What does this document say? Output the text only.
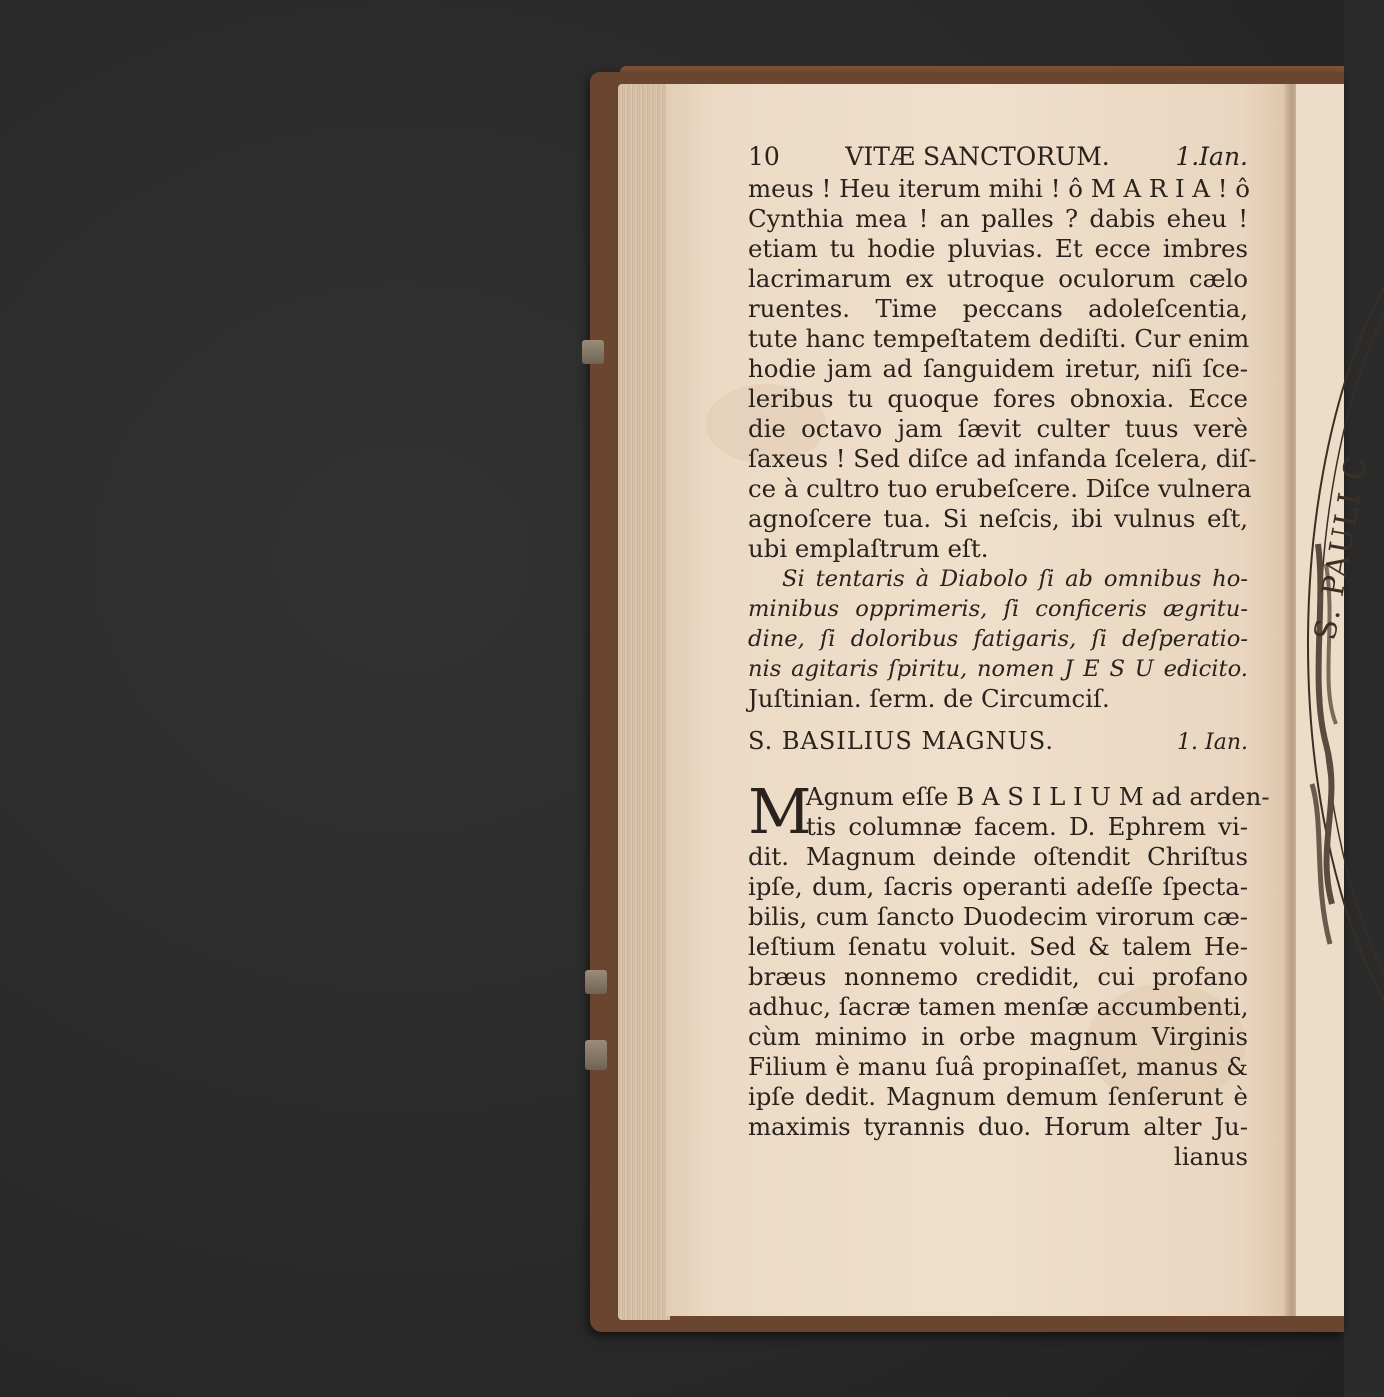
S. PAULI C
10	VITÆ SANCTORUM.	1.Ian.
meus ! Heu iterum mihi ! ô M A R I A ! ô
Cynthia mea ! an palles ? dabis eheu !
etiam tu hodie pluvias. Et ecce imbres
lacrimarum ex utroque oculorum cælo
ruentes. Time peccans adoleſcentia,
tute hanc tempeſtatem dediſti. Cur enim
hodie jam ad ſanguidem iretur, niſi ſce-
leribus tu quoque fores obnoxia. Ecce
die octavo jam ſævit culter tuus verè
ſaxeus ! Sed diſce ad infanda ſcelera, diſ-
ce à cultro tuo erubeſcere. Diſce vulnera
agnoſcere tua. Si neſcis, ibi vulnus eſt,
ubi emplaſtrum eſt.
Si tentaris à Diabolo ſi ab omnibus ho-
minibus opprimeris, ſi conficeris ægritu-
dine, ſi doloribus fatigaris, ſi deſperatio-
nis agitaris ſpiritu, nomen J E S U edicito.
Juſtinian. ſerm. de Circumciſ.
S. BASILIUS MAGNUS.	1. Ian.
M
Agnum eſſe B A S I L I U M ad arden-
tis columnæ facem. D. Ephrem vi-
dit. Magnum deinde oſtendit Chriſtus
ipſe, dum, ſacris operanti adeſſe ſpecta-
bilis, cum ſancto Duodecim virorum cæ-
leſtium ſenatu voluit. Sed & talem He-
bræus nonnemo credidit, cui profano
adhuc, ſacræ tamen menſæ accumbenti,
cùm minimo in orbe magnum Virginis
Filium è manu ſuâ propinaſſet, manus &
ipſe dedit. Magnum demum ſenſerunt è
maximis tyrannis duo. Horum alter Ju-
lianus
